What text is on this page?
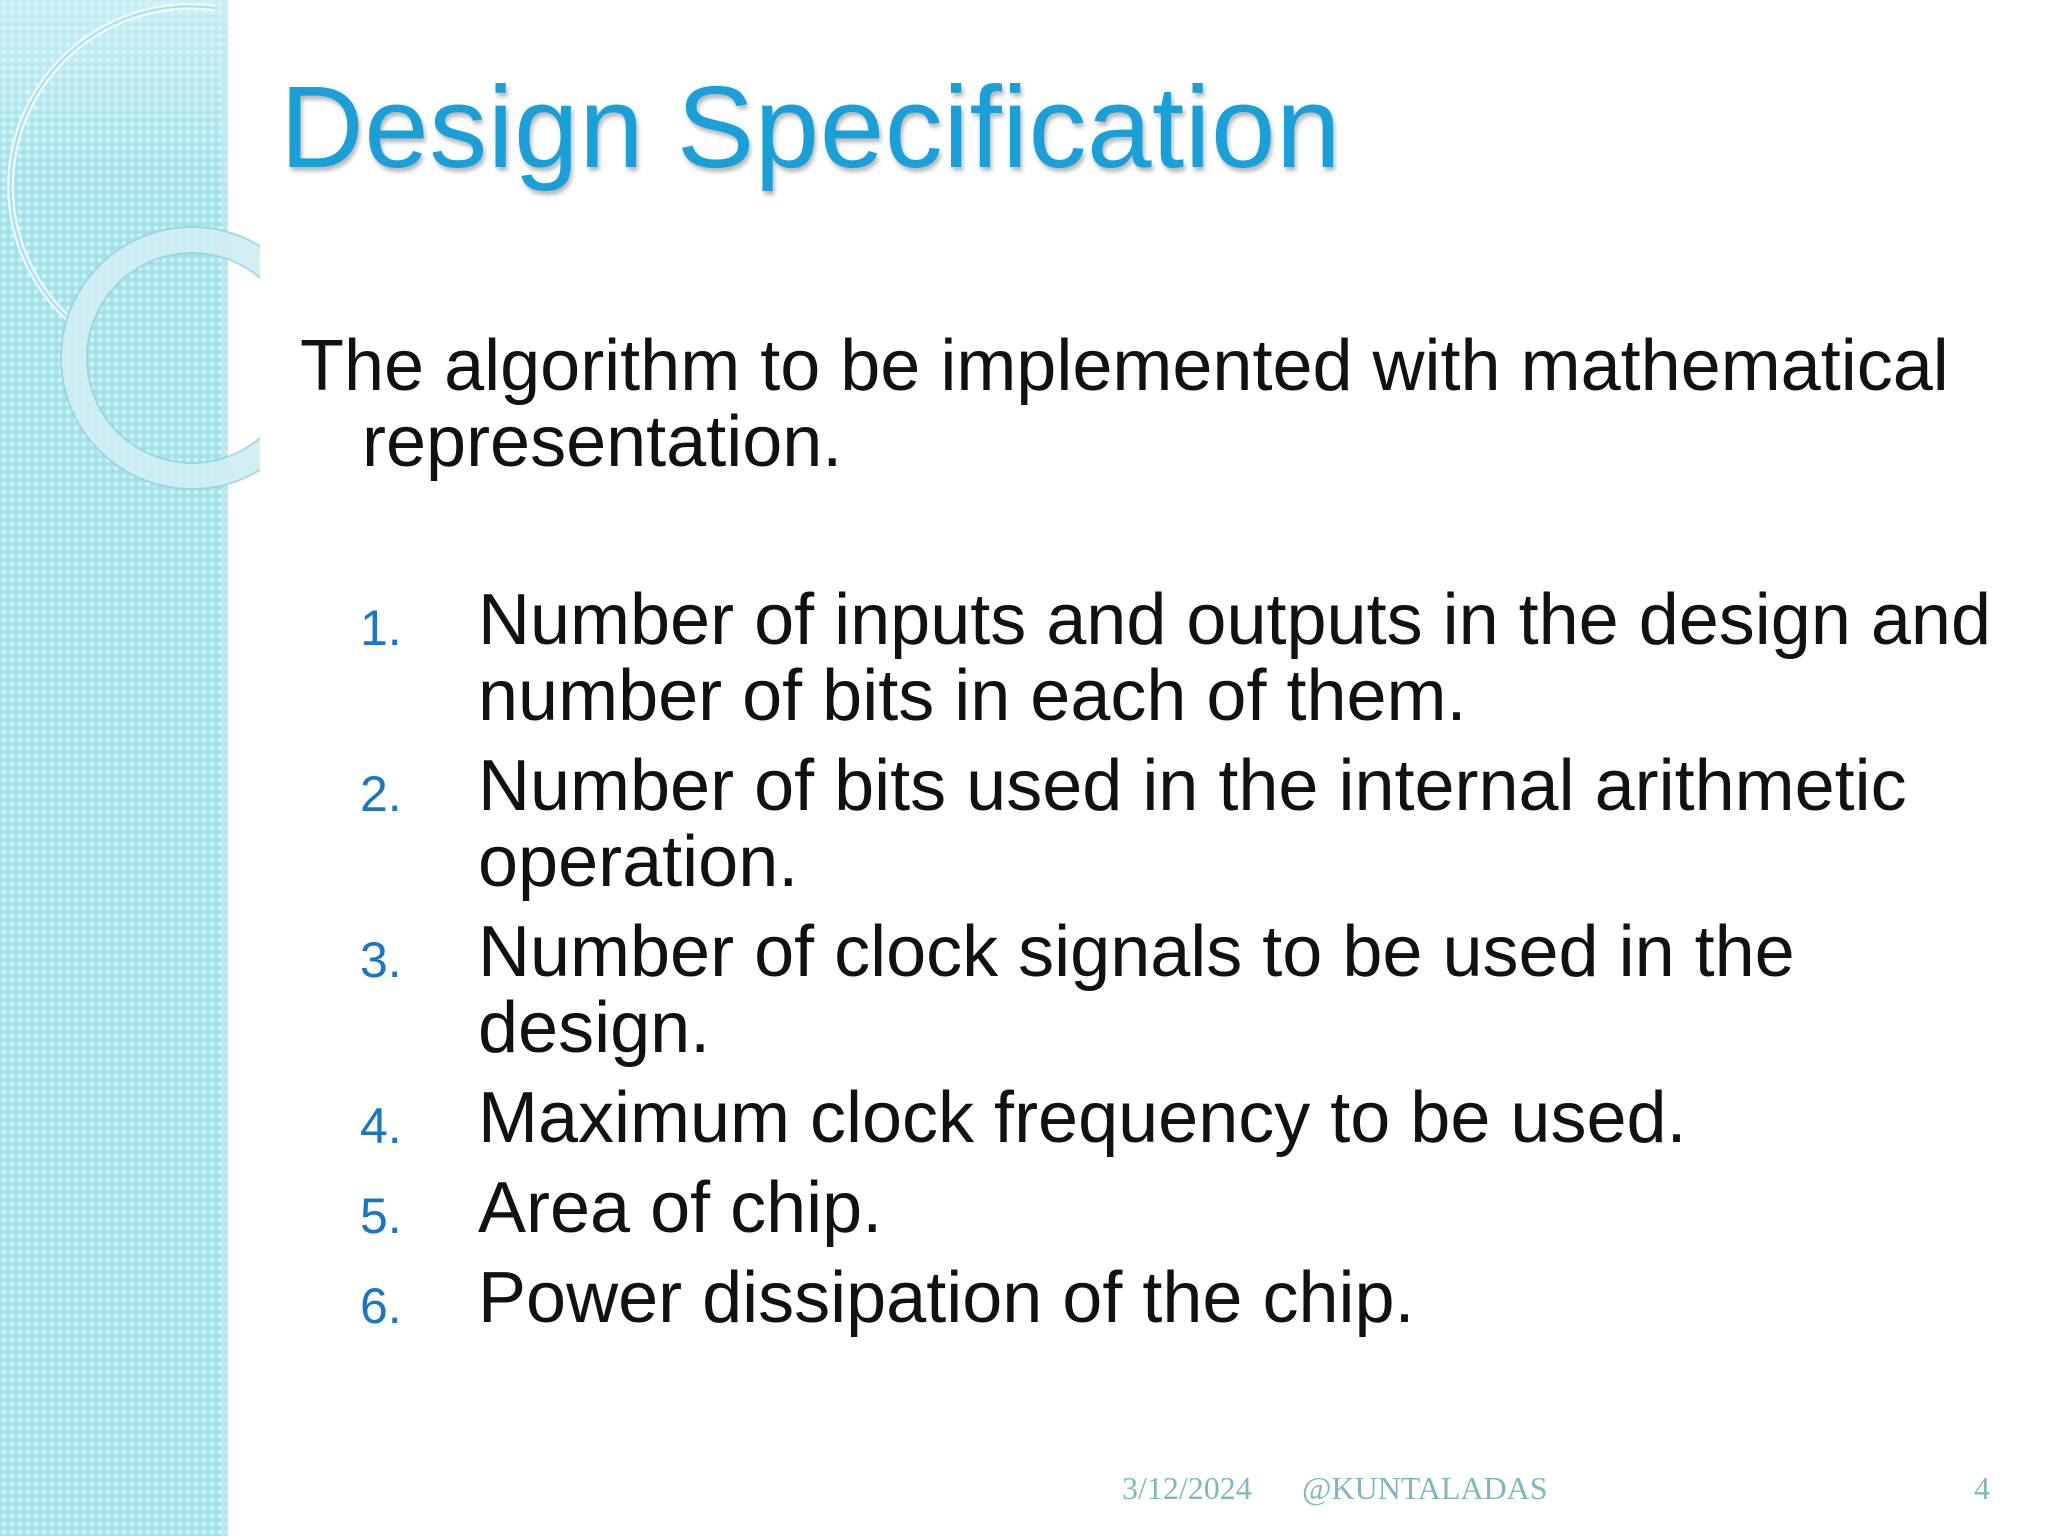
Design Specification

The algorithm to be implemented with mathematical representation.

1. Number of inputs and outputs in the design and number of bits in each of them.
2. Number of bits used in the internal arithmetic operation.
3. Number of clock signals to be used in the design.
4. Maximum clock frequency to be used.
5. Area of chip.
6. Power dissipation of the chip.
3/12/2024 @KUNTALADAS	4
